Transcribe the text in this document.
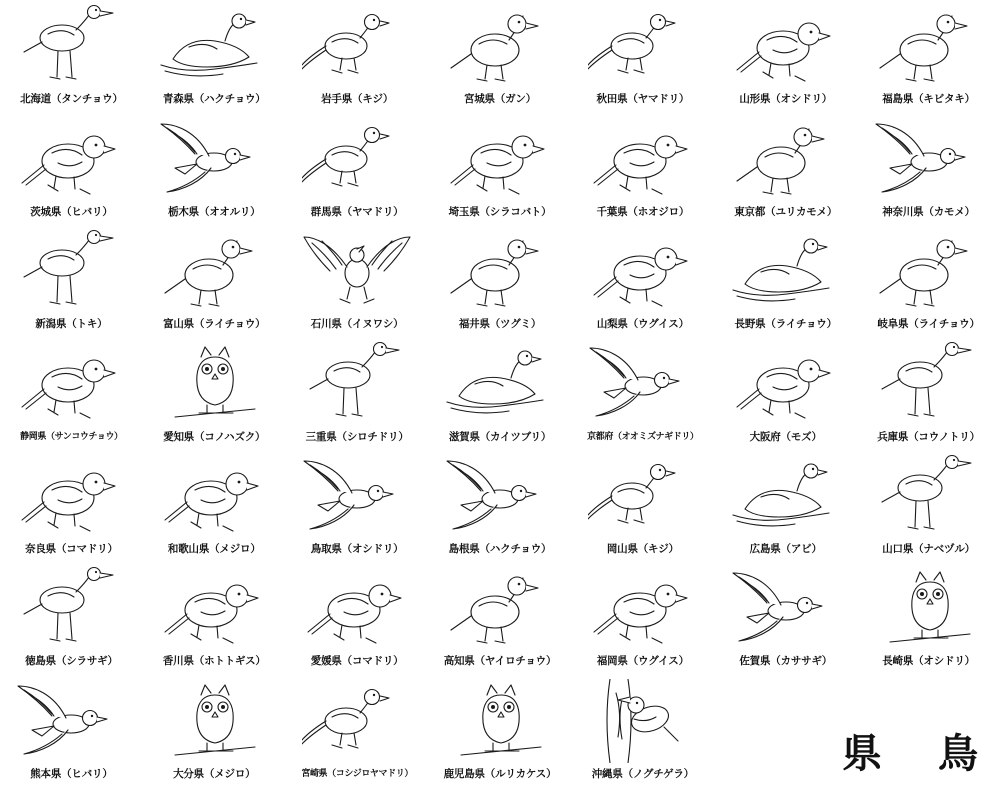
北海道（タンチョウ）	青森県（ハクチョウ）	岩手県（キジ）	宮城県（ガン）	秋田県（ヤマドリ）	山形県（オシドリ）	福島県（キビタキ）
茨城県（ヒバリ）	栃木県（オオルリ）	群馬県（ヤマドリ）	埼玉県（シラコバト）	千葉県（ホオジロ）	東京都（ユリカモメ）	神奈川県（カモメ）
新潟県（トキ）	富山県（ライチョウ）	石川県（イヌワシ）	福井県（ツグミ）	山梨県（ウグイス）	長野県（ライチョウ）	岐阜県（ライチョウ）
静岡県（サンコウチョウ）	愛知県（コノハズク）	三重県（シロチドリ）	滋賀県（カイツブリ）	京都府（オオミズナギドリ）	大阪府（モズ）	兵庫県（コウノトリ）
奈良県（コマドリ）	和歌山県（メジロ）	鳥取県（オシドリ）	島根県（ハクチョウ）	岡山県（キジ）	広島県（アビ）	山口県（ナベヅル）
徳島県（シラサギ）	香川県（ホトトギス）	愛媛県（コマドリ）	高知県（ヤイロチョウ）	福岡県（ウグイス）	佐賀県（カササギ）	長崎県（オシドリ）
熊本県（ヒバリ）	大分県（メジロ）	宮崎県（コシジロヤマドリ）	鹿児島県（ルリカケス）	沖縄県（ノグチゲラ）	県　鳥
